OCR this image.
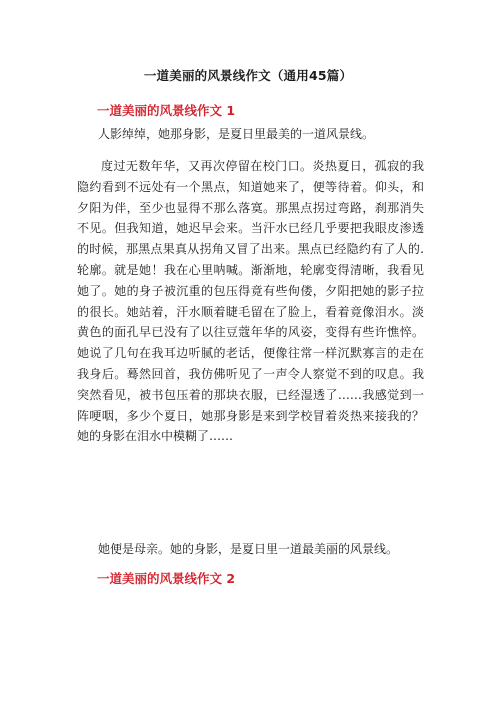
一道美丽的风景线作文（通用45篇）
一道美丽的风景线作文 1
人影绰绰，她那身影，是夏日里最美的一道风景线。
度过无数年华，又再次停留在校门口。炎热夏日，孤寂的我隐约看到不远处有一个黑点，知道她来了，便等待着。仰头，和夕阳为伴，至少也显得不那么落寞。那黑点拐过弯路，刹那消失不见。但我知道，她迟早会来。当汗水已经几乎要把我眼皮渗透的时候，那黑点果真从拐角又冒了出来。黑点已经隐约有了人的.轮廓。就是她！我在心里呐喊。渐渐地，轮廓变得清晰，我看见她了。她的身子被沉重的包压得竟有些佝偻，夕阳把她的影子拉的很长。她站着，汗水顺着睫毛留在了脸上，看着竟像泪水。淡黄色的面孔早已没有了以往豆蔻年华的风姿，变得有些许憔悴。她说了几句在我耳边听腻的老话，便像往常一样沉默寡言的走在我身后。蓦然回首，我仿佛听见了一声令人察觉不到的叹息。我突然看见，被书包压着的那块衣服，已经湿透了……我感觉到一阵哽咽，多少个夏日，她那身影是来到学校冒着炎热来接我的？她的身影在泪水中模糊了……
她便是母亲。她的身影，是夏日里一道最美丽的风景线。
一道美丽的风景线作文 2
